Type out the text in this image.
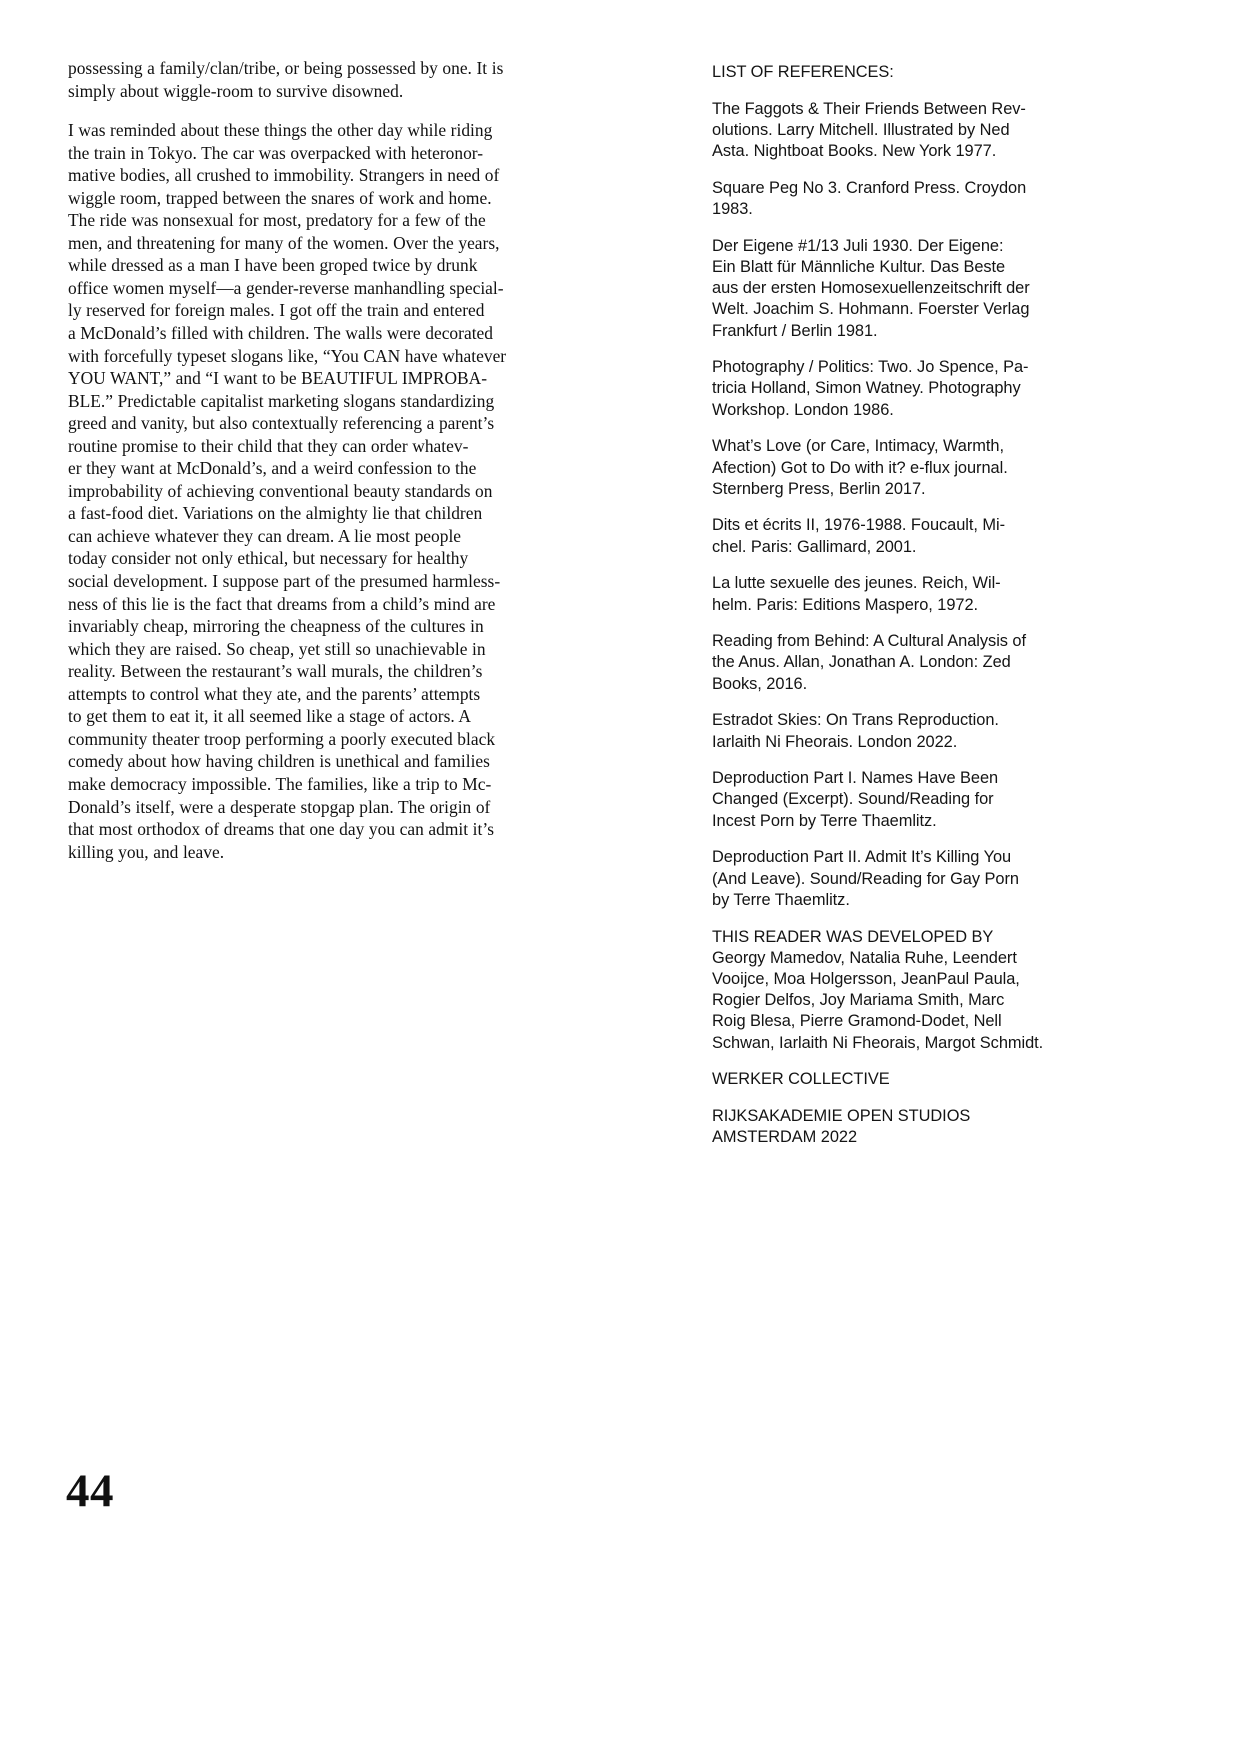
possessing a family/clan/tribe, or being possessed by one. It is
simply about wiggle-room to survive disowned.

I was reminded about these things the other day while riding
the train in Tokyo. The car was overpacked with heteronor-
mative bodies, all crushed to immobility. Strangers in need of
wiggle room, trapped between the snares of work and home.
The ride was nonsexual for most, predatory for a few of the
men, and threatening for many of the women. Over the years,
while dressed as a man I have been groped twice by drunk
office women myself—a gender-reverse manhandling special-
ly reserved for foreign males. I got off the train and entered
a McDonald’s filled with children. The walls were decorated
with forcefully typeset slogans like, “You CAN have whatever
YOU WANT,” and “I want to be BEAUTIFUL IMPROBA-
BLE.” Predictable capitalist marketing slogans standardizing
greed and vanity, but also contextually referencing a parent’s
routine promise to their child that they can order whatev-
er they want at McDonald’s, and a weird confession to the
improbability of achieving conventional beauty standards on
a fast-food diet. Variations on the almighty lie that children
can achieve whatever they can dream. A lie most people
today consider not only ethical, but necessary for healthy
social development. I suppose part of the presumed harmless-
ness of this lie is the fact that dreams from a child’s mind are
invariably cheap, mirroring the cheapness of the cultures in
which they are raised. So cheap, yet still so unachievable in
reality. Between the restaurant’s wall murals, the children’s
attempts to control what they ate, and the parents’ attempts
to get them to eat it, it all seemed like a stage of actors. A
community theater troop performing a poorly executed black
comedy about how having children is unethical and families
make democracy impossible. The families, like a trip to Mc-
Donald’s itself, were a desperate stopgap plan. The origin of
that most orthodox of dreams that one day you can admit it’s
killing you, and leave.

LIST OF REFERENCES:

The Faggots & Their Friends Between Rev-
olutions. Larry Mitchell. Illustrated by Ned
Asta. Nightboat Books. New York 1977.

Square Peg No 3. Cranford Press. Croydon
1983.

Der Eigene #1/13 Juli 1930. Der Eigene:
Ein Blatt für Männliche Kultur. Das Beste
aus der ersten Homosexuellenzeitschrift der
Welt. Joachim S. Hohmann. Foerster Verlag
Frankfurt / Berlin 1981.

Photography / Politics: Two. Jo Spence, Pa-
tricia Holland, Simon Watney. Photography
Workshop. London 1986.

What’s Love (or Care, Intimacy, Warmth,
Afection) Got to Do with it? e-flux journal.
Sternberg Press, Berlin 2017.

Dits et écrits II, 1976-1988. Foucault, Mi-
chel. Paris: Gallimard, 2001.

La lutte sexuelle des jeunes. Reich, Wil-
helm. Paris: Editions Maspero, 1972.

Reading from Behind: A Cultural Analysis of
the Anus. Allan, Jonathan A. London: Zed
Books, 2016.

Estradot Skies: On Trans Reproduction.
Iarlaith Ni Fheorais. London 2022.

Deproduction Part I. Names Have Been
Changed (Excerpt). Sound/Reading for
Incest Porn by Terre Thaemlitz.

Deproduction Part II. Admit It’s Killing You
(And Leave). Sound/Reading for Gay Porn
by Terre Thaemlitz.

THIS READER WAS DEVELOPED BY
Georgy Mamedov, Natalia Ruhe, Leendert
Vooijce, Moa Holgersson, JeanPaul Paula,
Rogier Delfos, Joy Mariama Smith, Marc
Roig Blesa, Pierre Gramond-Dodet, Nell
Schwan, Iarlaith Ni Fheorais, Margot Schmidt.

WERKER COLLECTIVE

RIJKSAKADEMIE OPEN STUDIOS
AMSTERDAM 2022

44
